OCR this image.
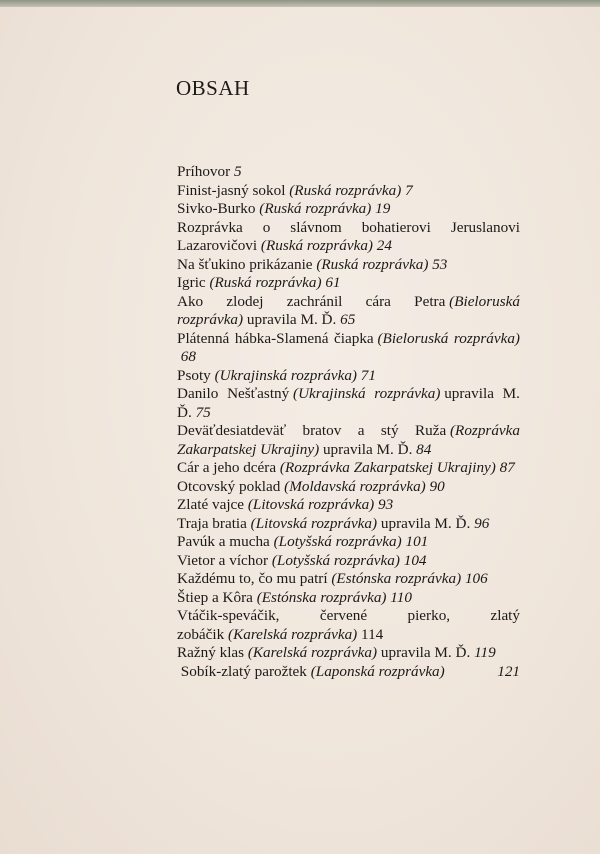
OBSAH
Príhovor 5
Finist-jasný sokol (Ruská rozprávka) 7
Sivko-Burko (Ruská rozprávka) 19
Rozprávka o slávnom bohatierovi Jeruslanovi Lazarovičovi (Ruská rozprávka) 24
Na šťukino prikázanie (Ruská rozprávka) 53
Igric (Ruská rozprávka) 61
Ako zlodej zachránil cára Petra (Bieloruská rozprávka) upravila M. Ď. 65
Plátenná hábka-Slamená čiapka (Bieloruská rozprávka)68
Psoty (Ukrajinská rozprávka) 71
Danilo Nešťastný (Ukrajinská rozprávka) upravila M. Ď. 75
Deväťdesiatdeväť bratov a stý Ruža (Rozprávka Zakarpatskej Ukrajiny) upravila M. Ď. 84
Cár a jeho dcéra (Rozprávka Zakarpatskej Ukrajiny) 87
Otcovský poklad (Moldavská rozprávka) 90
Zlaté vajce (Litovská rozprávka) 93
Traja bratia (Litovská rozprávka) upravila M. Ď. 96
Pavúk a mucha (Lotyšská rozprávka) 101
Vietor a víchor (Lotyšská rozprávka) 104
Každému to, čo mu patrí (Estónska rozprávka) 106
Štiep a Kôra (Estónska rozprávka) 110
Vtáčik-speváčik, červené pierko, zlatý zobáčik (Karelská rozprávka) 114
Ražný klas (Karelská rozprávka) upravila M. Ď. 119
121
Sobík-zlatý parožtek (Laponská rozprávka)
